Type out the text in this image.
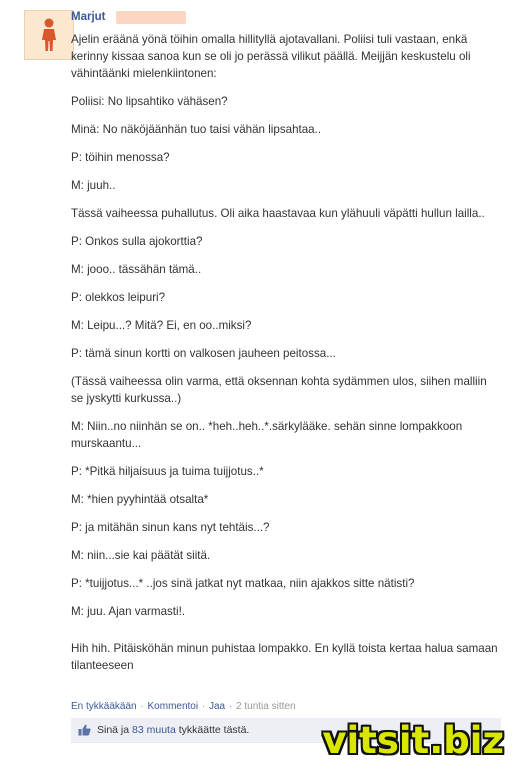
Marjut

Ajelin eräänä yönä töihin omalla hillityllä ajotavallani. Poliisi tuli vastaan, enkä kerinny kissaa sanoa kun se oli jo perässä vilikut päällä. Meijjän keskustelu oli vähintäänki mielenkiintonen:

Poliisi: No lipsahtiko vähäsen?

Minä: No näköjäänhän tuo taisi vähän lipsahtaa..

P: töihin menossa?

M: juuh..

Tässä vaiheessa puhallutus. Oli aika haastavaa kun ylähuuli väpätti hullun lailla..

P: Onkos sulla ajokorttia?

M: jooo.. tässähän tämä..

P: olekkos leipuri?

M: Leipu...? Mitä? Ei, en oo..miksi?

P: tämä sinun kortti on valkosen jauheen peitossa...

(Tässä vaiheessa olin varma, että oksennan kohta sydämmen ulos, siihen malliin se jyskytti kurkussa..)

M: Niin..no niinhän se on.. *heh..heh..*.särkylääke. sehän sinne lompakkoon murskaantu...

P: *Pitkä hiljaisuus ja tuima tuijjotus..*

M: *hien pyyhintää otsalta*

P: ja mitähän sinun kans nyt tehtäis...?

M: niin...sie kai päätät siitä.

P: *tuijjotus...* ..jos sinä jatkat nyt matkaa, niin ajakkos sitte nätisti?

M: juu. Ajan varmasti!.

Hih hih. Pitäisköhän minun puhistaa lompakko. En kyllä toista kertaa halua samaan tilanteeseen

En tykkääkään · Kommentoi · Jaa · 2 tuntia sitten
Sinä ja 83 muuta tykkäätte tästä. vitsit.biz
